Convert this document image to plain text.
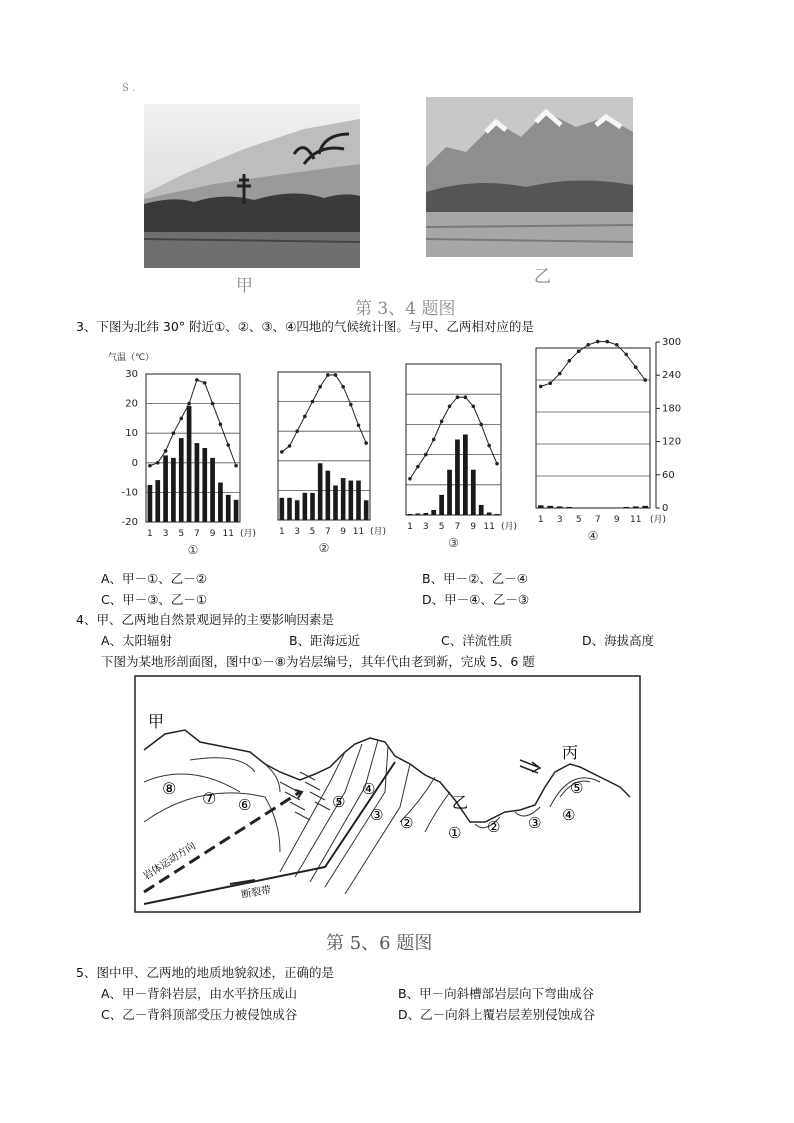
S .
甲	乙
第 3、4 题图
3、下图为北纬 30° 附近①、②、③、④四地的气候统计图。与甲、乙两相对应的是
1 3 5 7 9 11 (月)
①
1 3 5 7 9 11 (月)
②
1 3 5 7 9 11 (月)
③
1 3 5 7 9 11 (月)
④
气温（℃）
30
20
10
0
-10
-20
300
240
180
120
60
0
A、甲－①、乙－②	B、甲－②、乙－④
C、甲－③、乙－①	D、甲－④、乙－③
4、甲、乙两地自然景观迥异的主要影响因素是
A、太阳辐射	B、距海远近	C、洋流性质	D、海拔高度
下图为某地形剖面图，图中①－⑧为岩层编号，其年代由老到新，完成 5、6 题
甲
乙
丙
⑧
⑦ ⑥	⑤
④
③ ②
① ② ③ ④
⑤
岩体运动方向
断裂带
第 5、6 题图
5、图中甲、乙两地的地质地貌叙述，正确的是
A、甲－背斜岩层，由水平挤压成山	B、甲－向斜槽部岩层向下弯曲成谷
C、乙－背斜顶部受压力被侵蚀成谷	D、乙－向斜上覆岩层差别侵蚀成谷
